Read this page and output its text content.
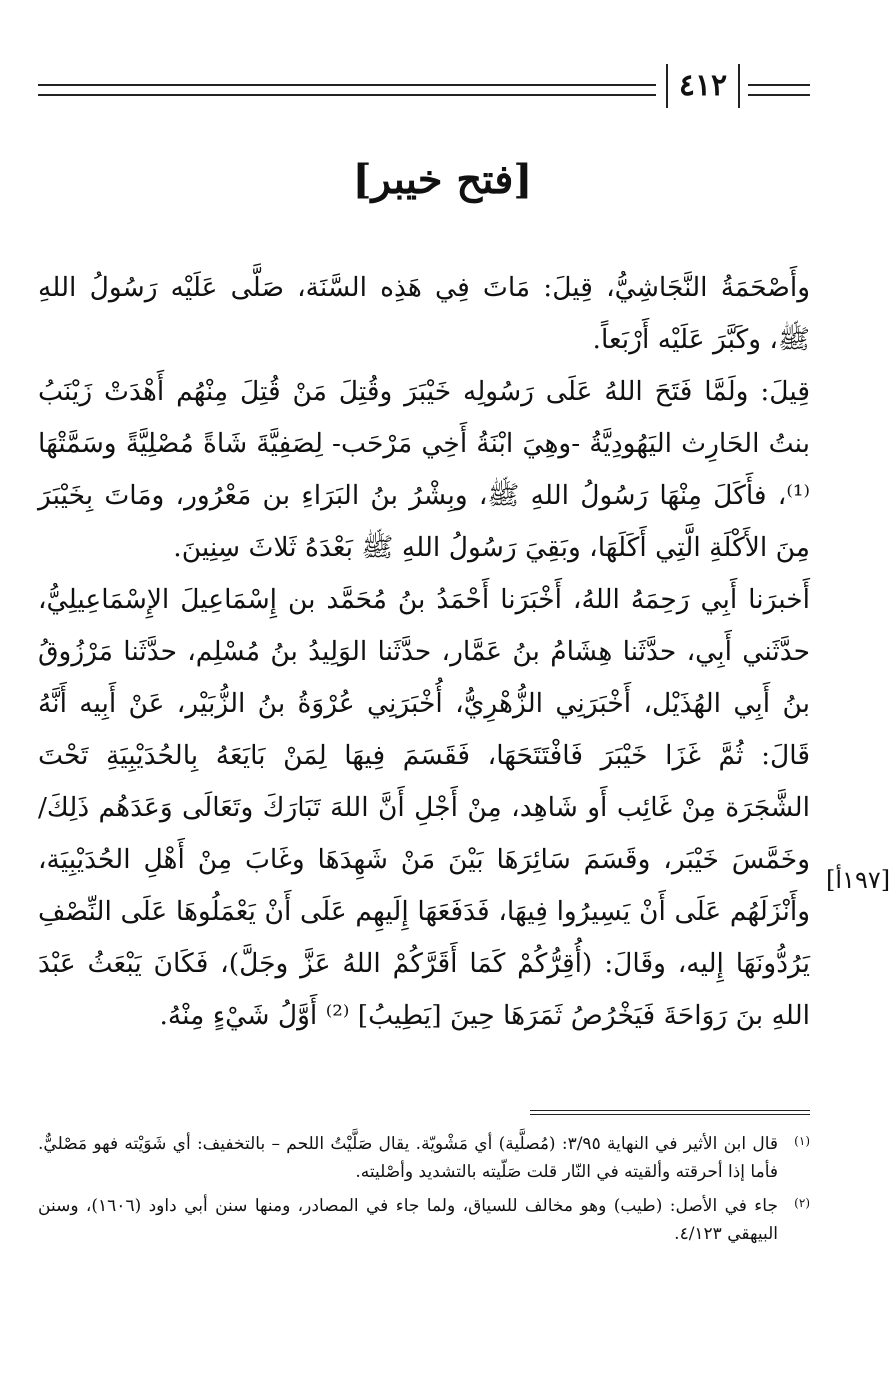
٤١٢
[فتح خيبر]

وأَصْحَمَةُ النَّجَاشِيُّ، قِيلَ: مَاتَ فِي هَذِه السَّنَة، صَلَّى عَلَيْه رَسُولُ اللهِ ﷺ، وكَبَّرَ عَلَيْه أَرْبَعاً.

قِيلَ: ولَمَّا فَتَحَ اللهُ عَلَى رَسُولِه خَيْبَرَ وقُتِلَ مَنْ قُتِلَ مِنْهُم أَهْدَتْ زَيْنَبُ بنتُ الحَارِث اليَهُودِيَّةُ -وهِيَ ابْنَةُ أَخِي مَرْحَب- لِصَفِيَّةَ شَاةً مُصْلِيَّةً وسَمَّتْهَا ⁽¹⁾، فأَكَلَ مِنْهَا رَسُولُ اللهِ ﷺ، وبِشْرُ بنُ البَرَاءِ بن مَعْرُور، ومَاتَ بِخَيْبَرَ مِنَ الأَكْلَةِ الَّتِي أَكَلَهَا، وبَقِيَ رَسُولُ اللهِ ﷺ بَعْدَهُ ثَلاثَ سِنِينَ.

أَخبرَنا أَبِي رَحِمَهُ اللهُ، أَخْبَرَنا أَحْمَدُ بنُ مُحَمَّد بن إِسْمَاعِيلَ الإِسْمَاعِيلِيُّ، حدَّثَني أَبِي، حدَّثَنا هِشَامُ بنُ عَمَّار، حدَّثَنا الوَلِيدُ بنُ مُسْلِم، حدَّثَنا مَرْزُوقُ بنُ أَبِي الهُذَيْل، أَخْبَرَنِي الزُّهْرِيُّ، أُخْبَرَنِي عُرْوَةُ بنُ الزُّبَيْر، عَنْ أَبِيه أَنَّهُ قَالَ: ثُمَّ غَزَا خَيْبَرَ فَافْتَتَحَهَا، فَقَسَمَ فِيهَا لِمَنْ بَايَعَهُ بِالحُدَيْبِيَةِ تَحْتَ الشَّجَرَة مِنْ غَائِب أَو شَاهِد، مِنْ أَجْلِ أَنَّ اللهَ تَبَارَكَ وتَعَالَى وَعَدَهُم ذَلِكَ/ وخَمَّسَ خَيْبَر، وقَسَمَ سَائِرَهَا بَيْنَ مَنْ شَهِدَهَا وغَابَ مِنْ أَهْلِ الحُدَيْبِيَة، وأَنْزَلَهُم عَلَى أَنْ يَسِيرُوا فِيهَا، فَدَفَعَهَا إِلَيهِم عَلَى أَنْ يَعْمَلُوهَا عَلَى النِّصْفِ يَرُدُّونَهَا إِليه، وقَالَ: (أُقِرُّكُمْ كَمَا أَقَرَّكُمْ اللهُ عَزَّ وجَلَّ)، فَكَانَ يَبْعَثُ عَبْدَ اللهِ بنَ رَوَاحَةَ فَيَخْرُصُ ثَمَرَهَا حِينَ [يَطِيبُ] ⁽²⁾ أَوَّلُ شَيْءٍ مِنْهُ.

[١٩٧أ]
(١)
قال ابن الأثير في النهاية ٣/٩٥: (مُصلَّية) أي مَشْويّة. يقال صَلَّيْتُ اللحم – بالتخفيف: أي شَوَيْته فهو مَصْليٌّ. فأما إذا أحرقته وألقيته في النّار قلت صَلّيته بالتشديد وأصْليته.
(٢)
جاء في الأصل: (طيب) وهو مخالف للسياق، ولما جاء في المصادر، ومنها سنن أبي داود (١٦٠٦)، وسنن البيهقي ٤/١٢٣.
